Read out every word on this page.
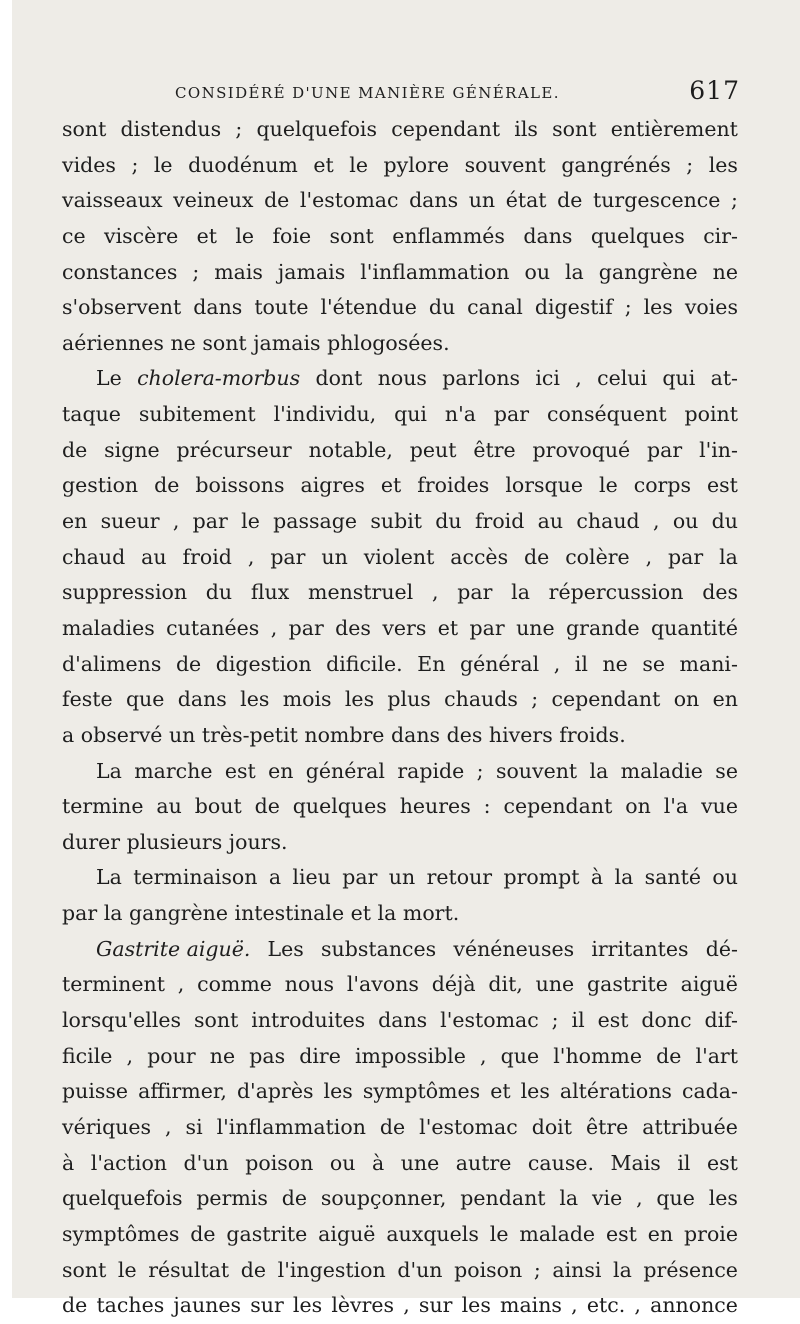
CONSIDÉRÉ D'UNE MANIÈRE GÉNÉRALE.	617
sont distendus ; quelquefois cependant ils sont entièrement
vides ; le duodénum et le pylore souvent gangrénés ; les
vaisseaux veineux de l'estomac dans un état de turgescence ;
ce viscère et le foie sont enflammés dans quelques cir-
constances ; mais jamais l'inflammation ou la gangrène ne
s'observent dans toute l'étendue du canal digestif ; les voies
aériennes ne sont jamais phlogosées.
Le cholera-morbus dont nous parlons ici , celui qui at-
taque subitement l'individu, qui n'a par conséquent point
de signe précurseur notable, peut être provoqué par l'in-
gestion de boissons aigres et froides lorsque le corps est
en sueur , par le passage subit du froid au chaud , ou du
chaud au froid , par un violent accès de colère , par la
suppression du flux menstruel , par la répercussion des
maladies cutanées , par des vers et par une grande quantité
d'alimens de digestion dificile. En général , il ne se mani-
feste que dans les mois les plus chauds ; cependant on en
a observé un très-petit nombre dans des hivers froids.
La marche est en général rapide ; souvent la maladie se
termine au bout de quelques heures : cependant on l'a vue
durer plusieurs jours.
La terminaison a lieu par un retour prompt à la santé ou
par la gangrène intestinale et la mort.
Gastrite aiguë. Les substances vénéneuses irritantes dé-
terminent , comme nous l'avons déjà dit, une gastrite aiguë
lorsqu'elles sont introduites dans l'estomac ; il est donc dif-
ficile , pour ne pas dire impossible , que l'homme de l'art
puisse affirmer, d'après les symptômes et les altérations cada-
vériques , si l'inflammation de l'estomac doit être attribuée
à l'action d'un poison ou à une autre cause. Mais il est
quelquefois permis de soupçonner, pendant la vie , que les
symptômes de gastrite aiguë auxquels le malade est en proie
sont le résultat de l'ingestion d'un poison ; ainsi la présence
de taches jaunes sur les lèvres , sur les mains , etc. , annonce
